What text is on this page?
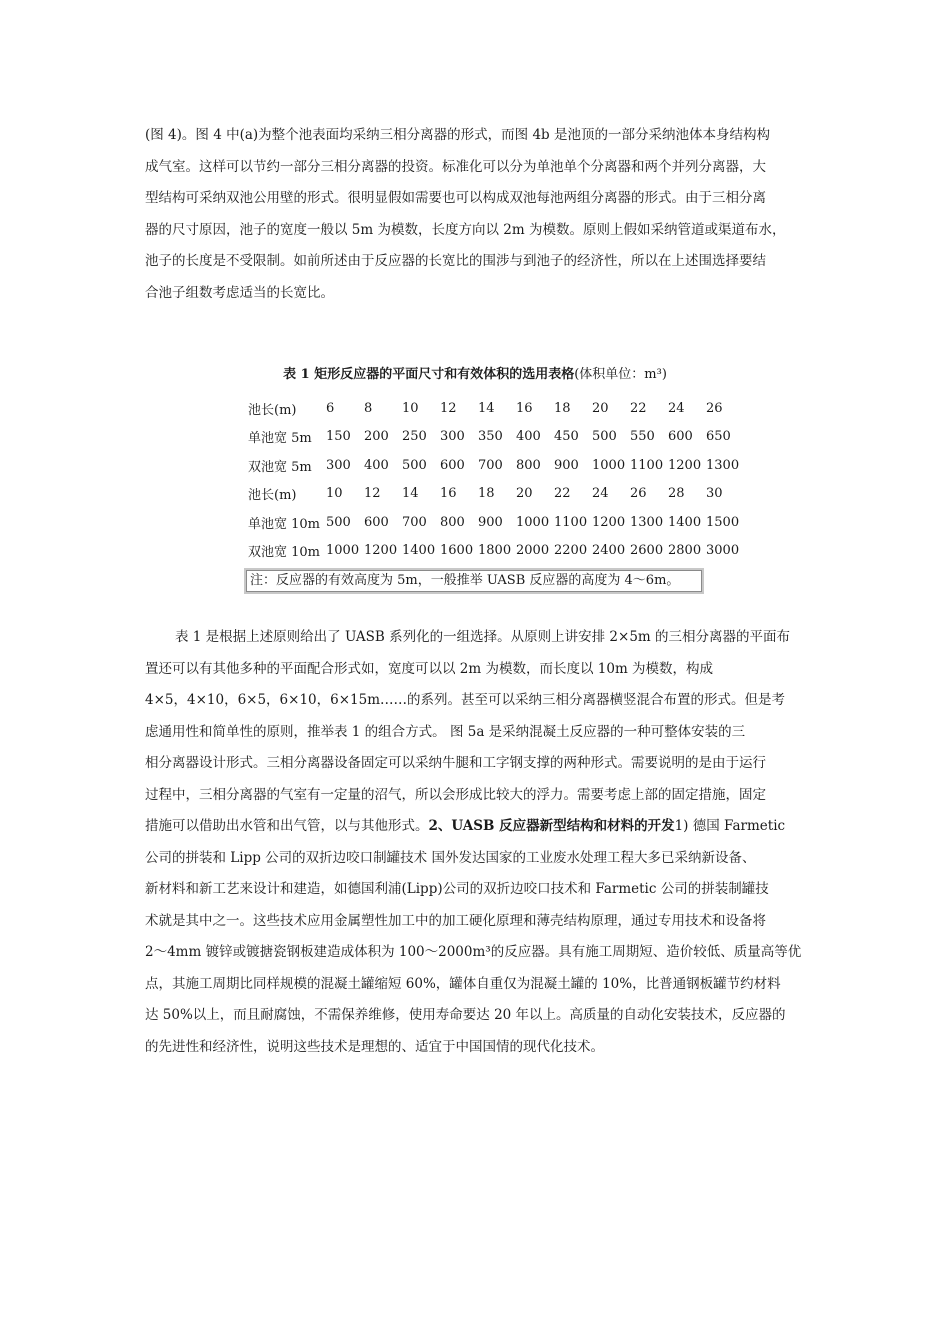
(图 4)。图 4 中(a)为整个池表面均采纳三相分离器的形式，而图 4b 是池顶的一部分采纳池体本身结构构
成气室。这样可以节约一部分三相分离器的投资。标准化可以分为单池单个分离器和两个并列分离器，大
型结构可采纳双池公用壁的形式。很明显假如需要也可以构成双池每池两组分离器的形式。由于三相分离
器的尺寸原因，池子的宽度一般以 5m 为模数，长度方向以 2m 为模数。原则上假如采纳管道或渠道布水，
池子的长度是不受限制。如前所述由于反应器的长宽比的围涉与到池子的经济性，所以在上述围选择要结
合池子组数考虑适当的长宽比。
表 1 矩形反应器的平面尺寸和有效体积的选用表格(体积单位：m³)
池长(m)	6	8	10	12	14	16	18	20	22	24	26
单池宽 5m	150	200	250	300	350	400	450	500	550	600	650
双池宽 5m	300	400	500	600	700	800	900	1000	1100	1200	1300
池长(m)	10	12	14	16	18	20	22	24	26	28	30
单池宽 10m	500	600	700	800	900	1000	1100	1200	1300	1400	1500
双池宽 10m	1000	1200	1400	1600	1800	2000	2200	2400	2600	2800	3000
注：反应器的有效高度为 5m，一般推举 UASB 反应器的高度为 4～6m。
表 1 是根据上述原则给出了 UASB 系列化的一组选择。从原则上讲安排 2×5m 的三相分离器的平面布
置还可以有其他多种的平面配合形式如，宽度可以以 2m 为模数，而长度以 10m 为模数，构成
4×5，4×10，6×5，6×10，6×15m……的系列。甚至可以采纳三相分离器横竖混合布置的形式。但是考
虑通用性和简单性的原则，推举表 1 的组合方式。 图 5a 是采纳混凝土反应器的一种可整体安装的三
相分离器设计形式。三相分离器设备固定可以采纳牛腿和工字钢支撑的两种形式。需要说明的是由于运行
过程中，三相分离器的气室有一定量的沼气，所以会形成比较大的浮力。需要考虑上部的固定措施，固定
措施可以借助出水管和出气管，以与其他形式。2、UASB 反应器新型结构和材料的开发1) 德国 Farmetic
公司的拼装和 Lipp 公司的双折边咬口制罐技术 国外发达国家的工业废水处理工程大多已采纳新设备、
新材料和新工艺来设计和建造，如德国利浦(Lipp)公司的双折边咬口技术和 Farmetic 公司的拼装制罐技
术就是其中之一。这些技术应用金属塑性加工中的加工硬化原理和薄壳结构原理，通过专用技术和设备将
2～4mm 镀锌或镀搪瓷钢板建造成体积为 100～2000m³的反应器。具有施工周期短、造价较低、质量高等优
点，其施工周期比同样规模的混凝土罐缩短 60%，罐体自重仅为混凝土罐的 10%，比普通钢板罐节约材料
达 50%以上，而且耐腐蚀，不需保养维修，使用寿命要达 20 年以上。高质量的自动化安装技术，反应器的
的先进性和经济性，说明这些技术是理想的、适宜于中国国情的现代化技术。
